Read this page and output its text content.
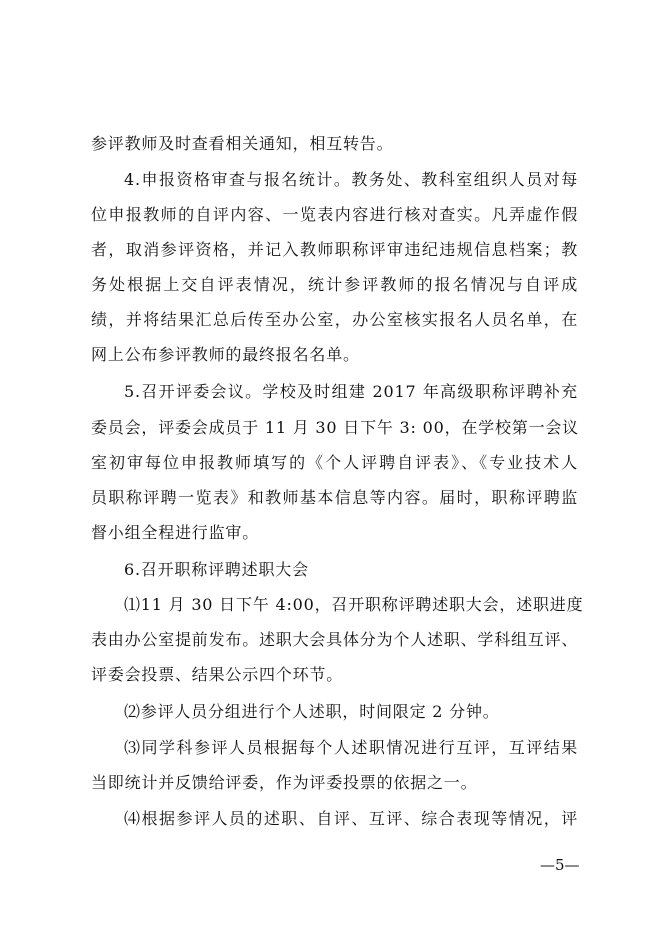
参评教师及时查看相关通知，相互转告。
4.申报资格审查与报名统计。教务处、教科室组织人员对每
位申报教师的自评内容、一览表内容进行核对查实。凡弄虚作假
者，取消参评资格，并记入教师职称评审违纪违规信息档案；教
务处根据上交自评表情况，统计参评教师的报名情况与自评成
绩，并将结果汇总后传至办公室，办公室核实报名人员名单，在
网上公布参评教师的最终报名名单。
5.召开评委会议。学校及时组建 2017 年高级职称评聘补充
委员会，评委会成员于 11 月 30 日下午 3: 00，在学校第一会议
室初审每位申报教师填写的《个人评聘自评表》、《专业技术人
员职称评聘一览表》和教师基本信息等内容。届时，职称评聘监
督小组全程进行监审。
6.召开职称评聘述职大会
⑴11 月 30 日下午 4:00，召开职称评聘述职大会，述职进度
表由办公室提前发布。述职大会具体分为个人述职、学科组互评、
评委会投票、结果公示四个环节。
⑵参评人员分组进行个人述职，时间限定 2 分钟。
⑶同学科参评人员根据每个人述职情况进行互评，互评结果
当即统计并反馈给评委，作为评委投票的依据之一。
⑷根据参评人员的述职、自评、互评、综合表现等情况，评
—5—
